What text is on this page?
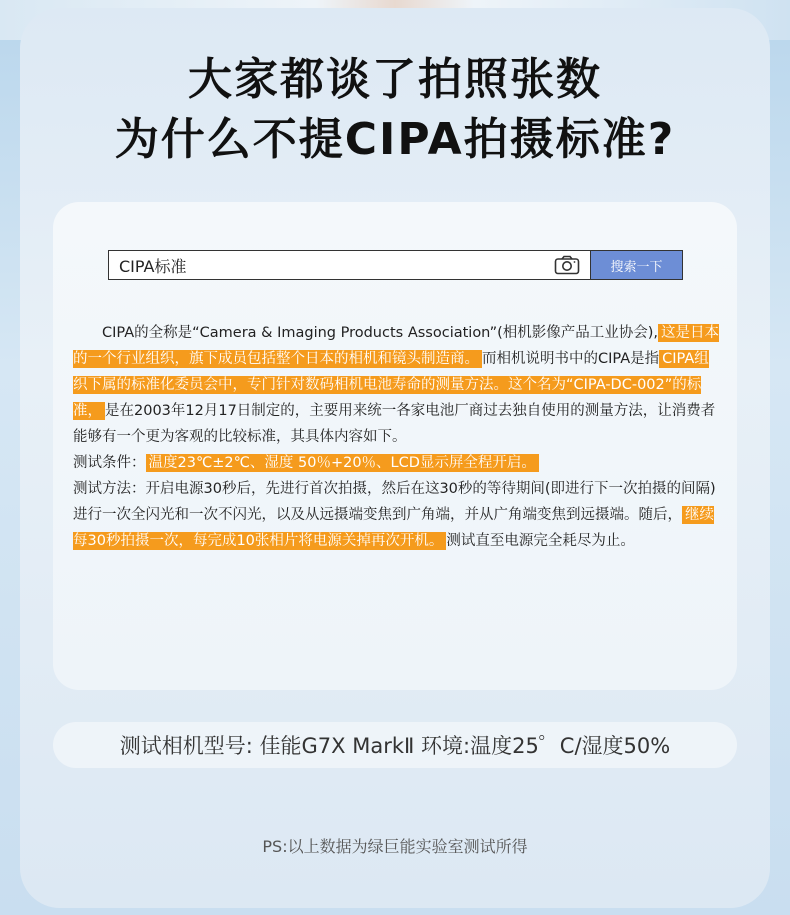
大家都谈了拍照张数
为什么不提CIPA拍摄标准?
CIPA标准	搜索一下

CIPA的全称是“Camera & Imaging Products Association”(相机影像产品工业协会), 这是日本的一个行业组织，旗下成员包括整个日本的相机和镜头制造商。 而相机说明书中的CIPA是指 CIPA组织下属的标准化委员会中，专门针对数码相机电池寿命的测量方法。这个名为“CIPA-DC-002”的标准， 是在2003年12月17日制定的，主要用来统一各家电池厂商过去独自使用的测量方法，让消费者能够有一个更为客观的比较标准，其具体内容如下。

测试条件： 温度23℃±2℃、湿度 50％+20％、LCD显示屏全程开启。

测试方法：开启电源30秒后，先进行首次拍摄，然后在这30秒的等待期间(即进行下一次拍摄的间隔)进行一次全闪光和一次不闪光，以及从远摄端变焦到广角端，并从广角端变焦到远摄端。随后， 继续每30秒拍摄一次，每完成10张相片将电源关掉再次开机。 测试直至电源完全耗尽为止。

测试相机型号: 佳能G7X MarkⅡ 环境:温度25゜C/湿度50%
PS:以上数据为绿巨能实验室测试所得
